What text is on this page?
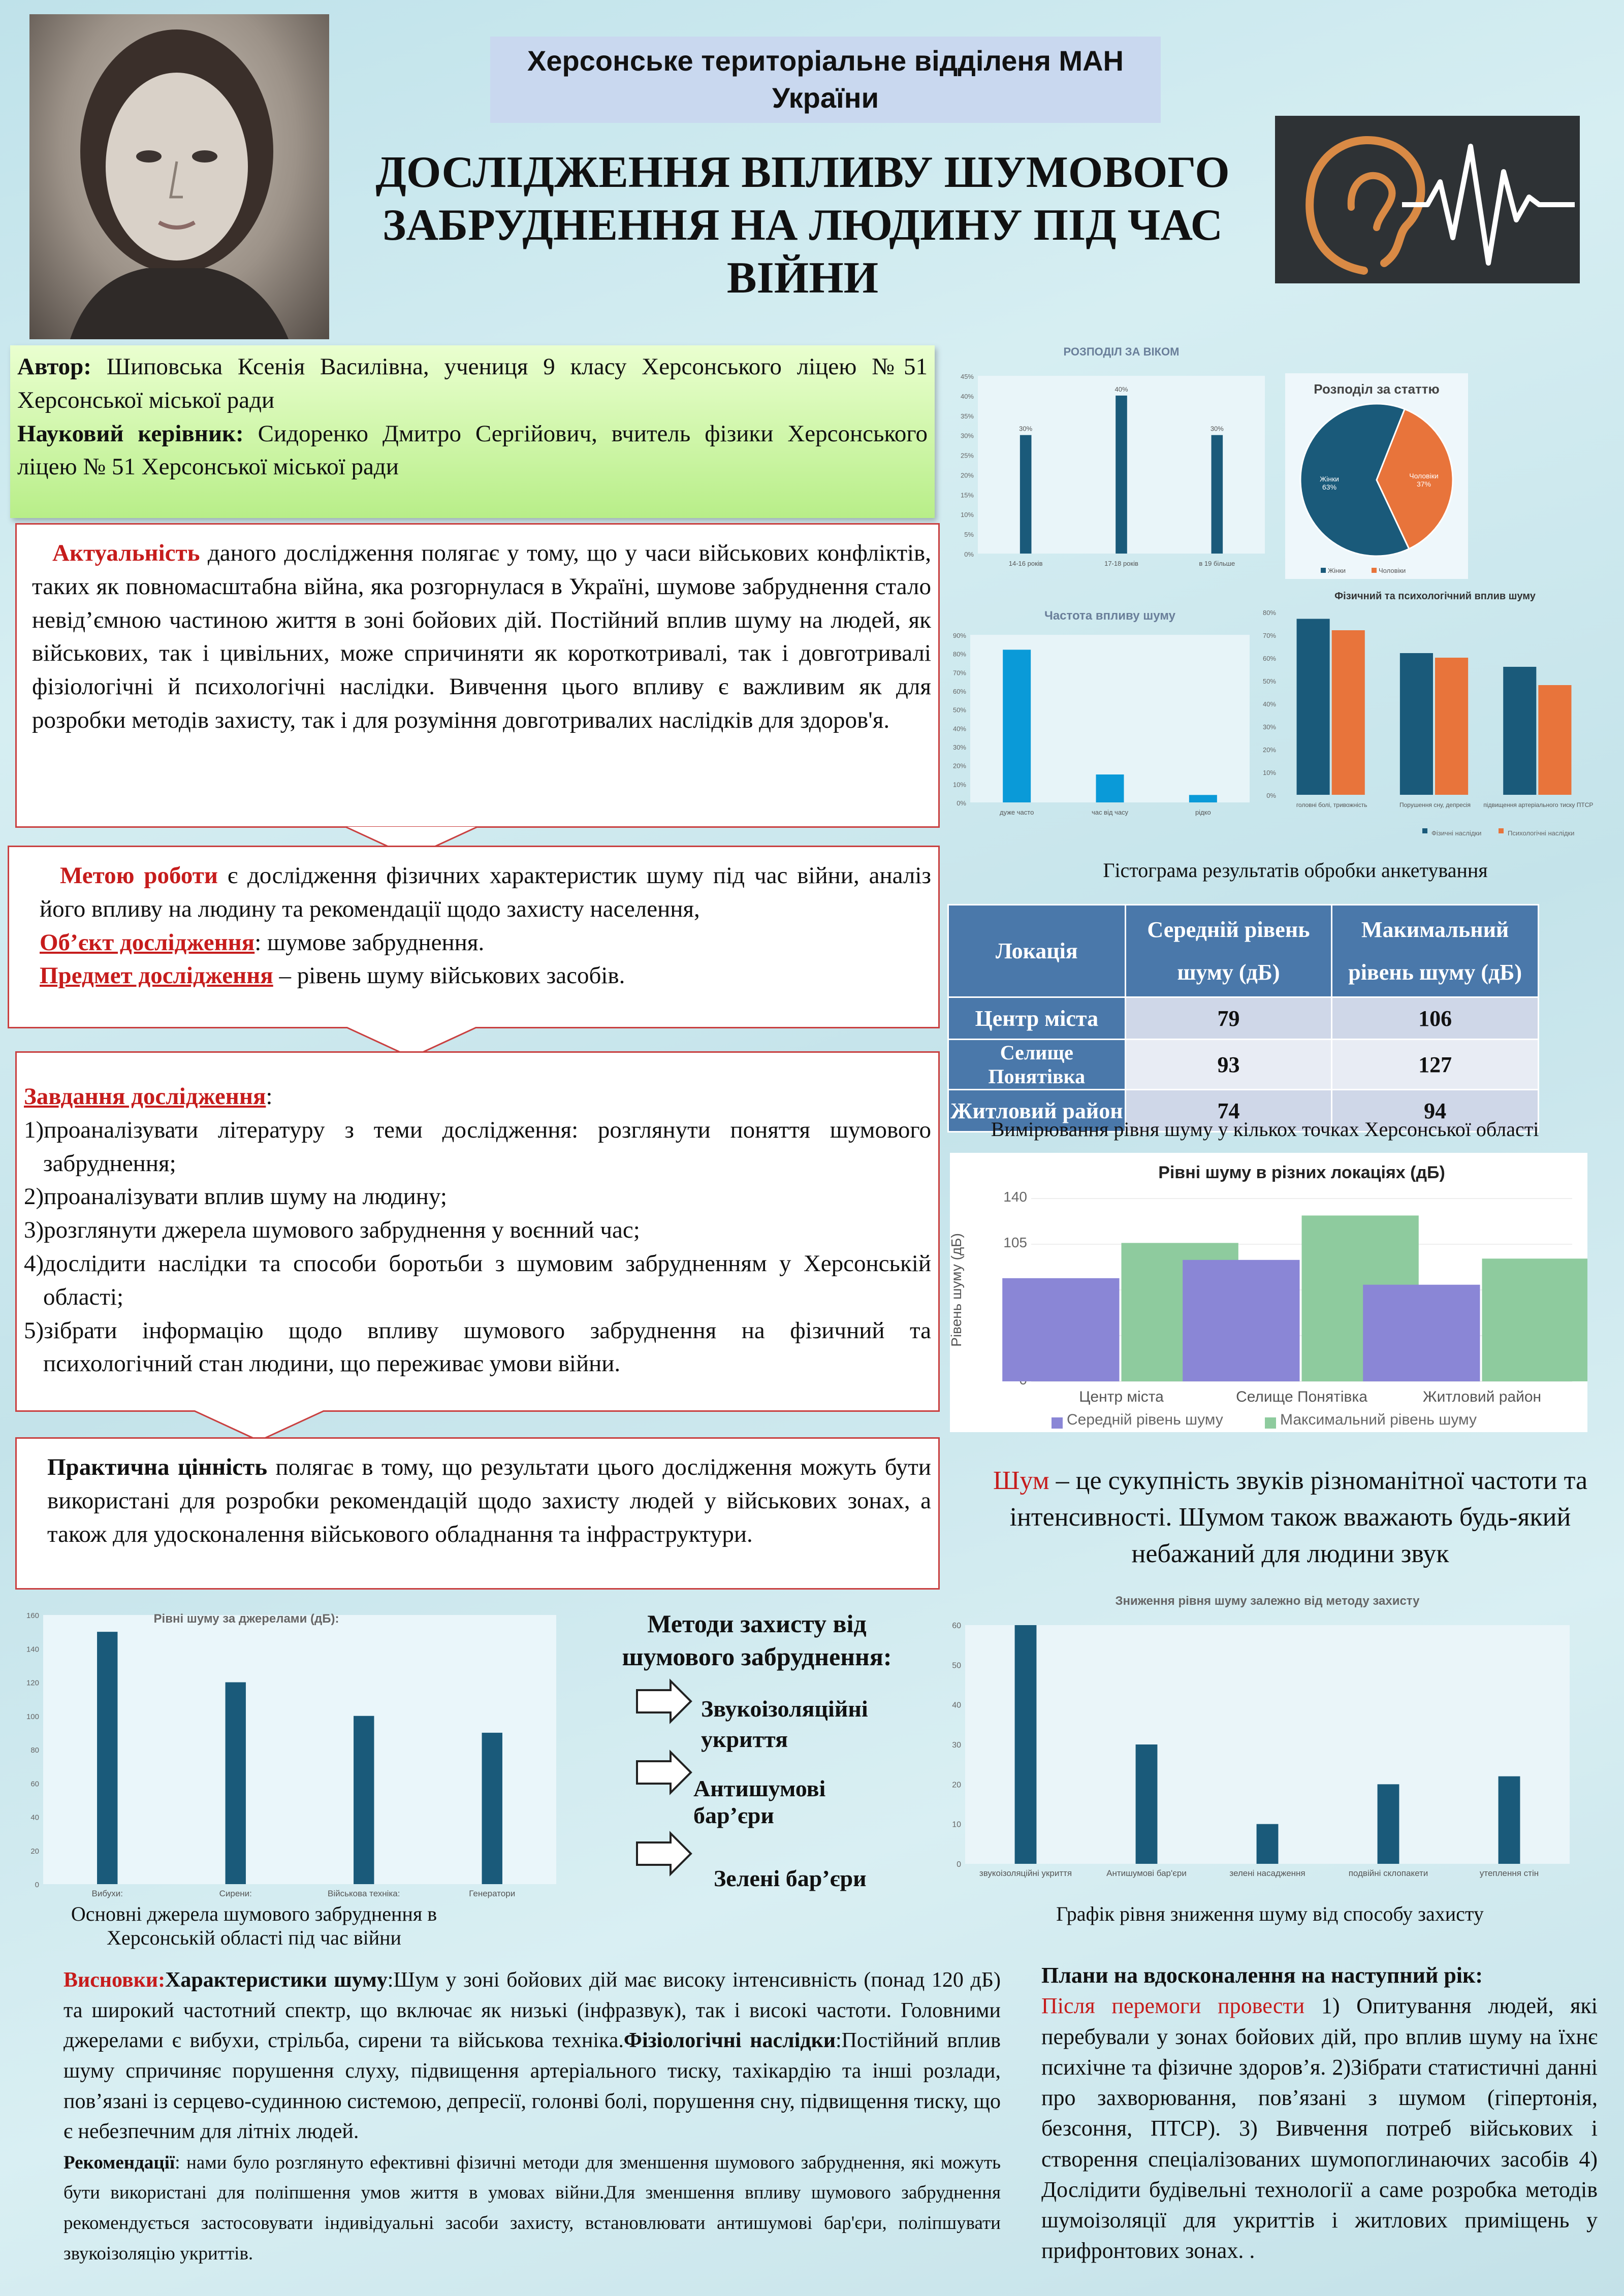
Херсонське територіальне відділеня МАН України
ДОСЛІДЖЕННЯ ВПЛИВУ ШУМОВОГО ЗАБРУДНЕННЯ НА ЛЮДИНУ ПІД ЧАС ВІЙНИ
Автор: Шиповська Ксенія Василівна, учениця 9 класу Херсонського ліцею №51 Херсонської міської ради
Науковий керівник: Сидоренко Дмитро Сергійович, вчитель фізики Херсонського ліцею № 51 Херсонської міської ради
Актуальність даного дослідження полягає у тому, що у часи військових конфліктів, таких як повномасштабна війна, яка розгорнулася в Україні, шумове забруднення стало невід’ємною частиною життя в зоні бойових дій. Постійний вплив шуму на людей, як військових, так і цивільних, може спричиняти як короткотривалі, так і довготривалі фізіологічні й психологічні наслідки. Вивчення цього впливу є важливим як для розробки методів захисту, так і для розуміння довготривалих наслідків для здоров'я.
Метою роботи є дослідження фізичних характеристик шуму під час війни, аналіз його впливу на людину та рекомендації щодо захисту населення,
Об’єкт дослідження: шумове забруднення.
Предмет дослідження – рівень шуму військових засобів.
Завдання дослідження:
1)проаналізувати літературу з теми дослідження: розглянути поняття шумового забруднення;
2)проаналізувати вплив шуму на людину;
3)розглянути джерела шумового забруднення у воєнний час;
4)дослідити наслідки та способи боротьби з шумовим забрудненням у Херсонській області;
5)зібрати інформацію щодо впливу шумового забруднення на фізичний та психологічний стан людини, що переживає умови війни.
Практична цінність полягає в тому, що результати цього дослідження можуть бути використані для розробки рекомендацій щодо захисту людей у військових зонах, а також для удосконалення військового обладнання та інфраструктури.
РОЗПОДІЛ ЗА ВІКОМ
0%
5%
10%
15%
20%
25%
30%
35%
40%
45%
30%
14-16 років
40%
17-18 років
30%
в 19 більше
Розподіл за статтю
Жінки
63%
Чоловіки
37%
Жінки	Чоловіки
Частота впливу шуму
0%
10%
20%
30%
40%
50%
60%
70%
80%
90%
дуже часто	час від часу	рідко
Фізичний та психологічний вплив шуму
0%
10%
20%
30%
40%
50%
60%
70%
80%
головні болі, тривожність	Порушення сну, депресія підвищення артеріального тиску ПТСР
Фізичні наслідки	Психологічні наслідки
Гістограма результатів обробки анкетування
Локація	Середній рівень шуму (дБ)	Макимальний рівень шуму (дБ)
Центр міста	79	106
Селище Понятівка	93	127
Житловий район	74	94
Вимірювання рівня шуму у кількох точках Херсонської області
Рівні шуму в різних локаціях (дБ)
105
140
Центр міста	Селище Понятівка	Житловий район
Рівень шуму (дБ)
Середній рівень шуму	Максимальний рівень шуму
Шум – це сукупність звуків різноманітної частоти та інтенсивності. Шумом також вважають будь-який небажаний для людини звук
Рівні шуму за джерелами (дБ):
0
20
40
60
80
100
120
140
160
Вибухи:	Сирени:	Військова техніка:	Генератори
Основні джерела шумового забруднення в Херсонській області під час війни
Методи захисту від шумового забруднення:
Звукоізоляційні укриття
Антишумові бар’єри
Зелені бар’єри
Зниження рівня шуму залежно від методу захисту
0
10
20
30
40
50
60
звукоізоляційні укриття	Антишумові бар'єри	зелені насадження	подвійні склопакети	утеплення стін
Графік рівня зниження шуму від способу захисту
Висновки:Характеристики шуму:Шум у зоні бойових дій має високу інтенсивність (понад 120 дБ) та широкий частотний спектр, що включає як низькі (інфразвук), так і високі частоти. Головними джерелами є вибухи, стрільба, сирени та військова техніка.Фізіологічні наслідки:Постійний вплив шуму спричиняє порушення слуху, підвищення артеріального тиску, тахікардію та інші розлади, пов’язані із серцево-судинною системою, депресії, голонві болі, порушення сну, підвищення тиску, що є небезпечним для літніх людей.
Рекомендації: нами було розглянуто ефективні фізичні методи для зменшення шумового забруднення, які можуть бути використані для поліпшення умов життя в умовах війни.Для зменшення впливу шумового забруднення рекомендується застосовувати індивідуальні засоби захисту, встановлювати антишумові бар'єри, поліпшувати звукоізоляцію укриттів.
Плани на вдосконалення на наступний рік:
Після перемоги провести 1) Опитування людей, які перебували у зонах бойових дій, про вплив шуму на їхнє психічне та фізичне здоров’я. 2)Зібрати статистичні данні про захворювання, пов’язані з шумом (гіпертонія, безсоння, ПТСР). 3) Вивчення потреб військових і створення спеціалізованих шумопоглинаючих засобів 4) Дослідити будівельні технології а саме розробка методів шумоізоляції для укриттів і житлових приміщень у прифронтових зонах. .
